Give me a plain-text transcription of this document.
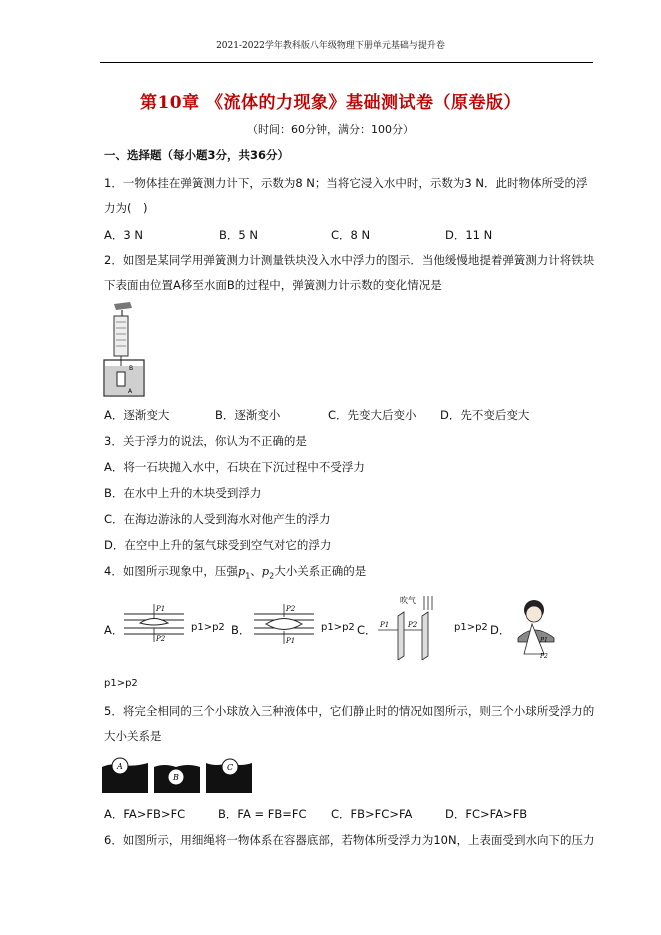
2021-2022学年教科版八年级物理下册单元基础与提升卷
第10章 《流体的力现象》基础测试卷（原卷版）
（时间：60分钟，满分：100分）
一、选择题（每小题3分，共36分）
1．一物体挂在弹簧测力计下，示数为8 N；当将它浸入水中时，示数为3 N．此时物体所受的浮
力为(　)
A．3 N	B．5 N	C．8 N	D．11 N
2．如图是某同学用弹簧测力计测量铁块没入水中浮力的图示．当他缓慢地提着弹簧测力计将铁块
下表面由位置A移至水面B的过程中，弹簧测力计示数的变化情况是
B
A
A．逐渐变大	B．逐渐变小	C．先变大后变小 D．先不变后变大
3．关于浮力的说法，你认为不正确的是
A．将一石块抛入水中，石块在下沉过程中不受浮力
B．在水中上升的木块受到浮力
C．在海边游泳的人受到海水对他产生的浮力
D．在空中上升的氢气球受到空气对它的浮力
4．如图所示现象中，压强$p_1$、$p_2$大小关系正确的是
A．
P1
P2
p1>p2 B．
P2
P1
p1>p2 C．
吹气
P1	P2	p1>p2 D．
P1
P2
p1>p2
5．将完全相同的三个小球放入三种液体中，它们静止时的情况如图所示，则三个小球所受浮力的
大小关系是
A
B
C
A．FA>FB>FC	B．FA = FB=FC C．FB>FC>FA	D．FC>FA>FB
6．如图所示，用细绳将一物体系在容器底部，若物体所受浮力为10N，上表面受到水向下的压力
